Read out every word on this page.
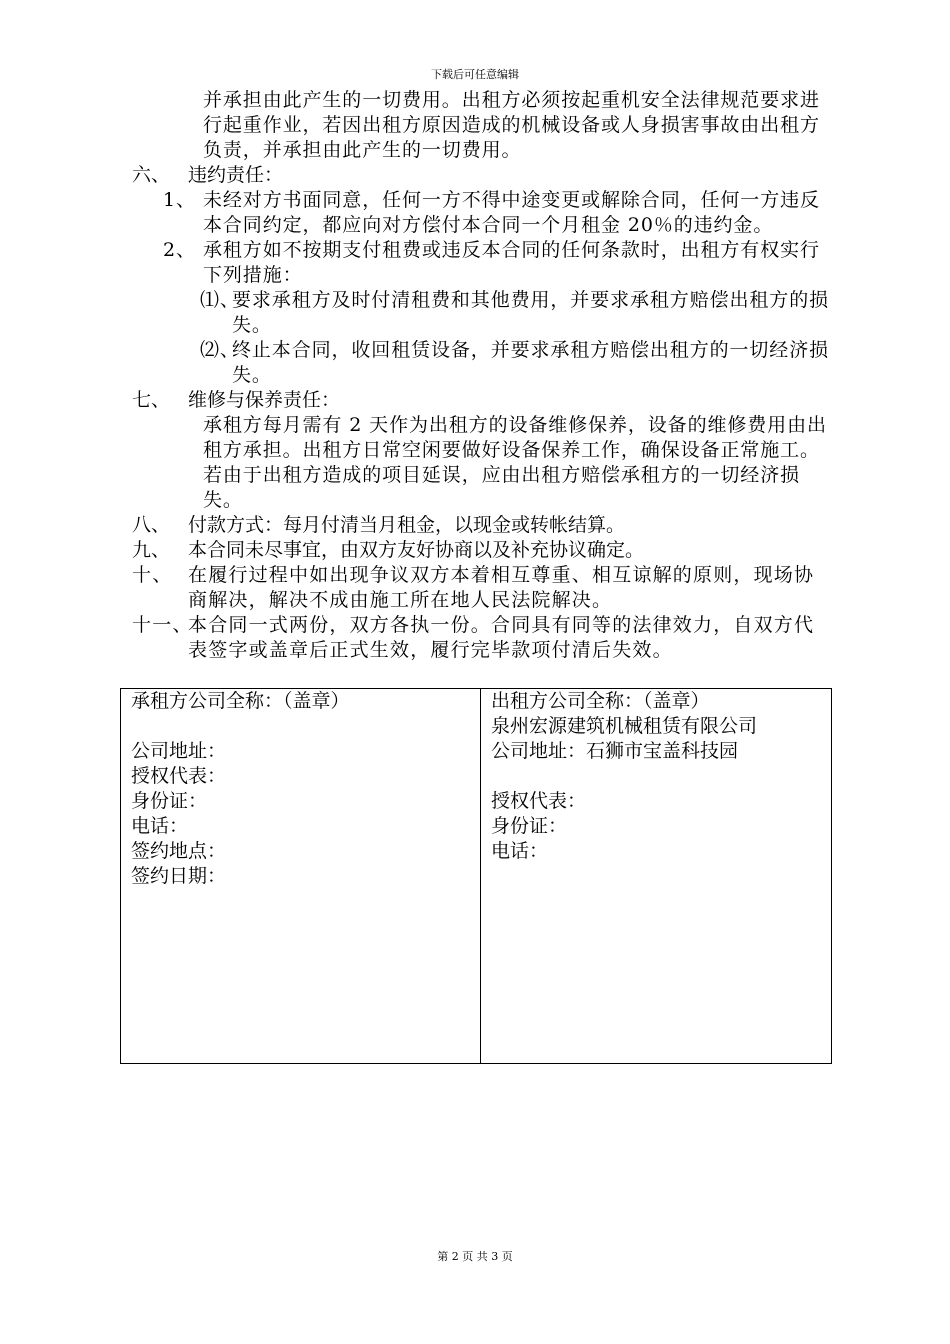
下载后可任意编辑
并承担由此产生的一切费用。出租方必须按起重机安全法律规范要求进行起重作业，若因出租方原因造成的机械设备或人身损害事故由出租方负责，并承担由此产生的一切费用。
六、 违约责任：
1、 未经对方书面同意，任何一方不得中途变更或解除合同，任何一方违反本合同约定，都应向对方偿付本合同一个月租金 20％的违约金。
2、 承租方如不按期支付租费或违反本合同的任何条款时，出租方有权实行下列措施：
⑴、
要求承租方及时付清租费和其他费用，并要求承租方赔偿出租方的损失。
⑵、
终止本合同，收回租赁设备，并要求承租方赔偿出租方的一切经济损失。
七、 维修与保养责任：
承租方每月需有 2 天作为出租方的设备维修保养，设备的维修费用由出租方承担。出租方日常空闲要做好设备保养工作，确保设备正常施工。若由于出租方造成的项目延误，应由出租方赔偿承租方的一切经济损失。
八、 付款方式：每月付清当月租金，以现金或转帐结算。
九、 本合同未尽事宜，由双方友好协商以及补充协议确定。
十、 在履行过程中如出现争议双方本着相互尊重、相互谅解的原则，现场协商解决，解决不成由施工所在地人民法院解决。
十一、
本合同一式两份，双方各执一份。合同具有同等的法律效力，自双方代表签字或盖章后正式生效，履行完毕款项付清后失效。
承租方公司全称：（盖章）
公司地址：
授权代表：
身份证：
电话：
签约地点：
签约日期：
出租方公司全称：（盖章）
泉州宏源建筑机械租赁有限公司
公司地址：石狮市宝盖科技园
授权代表：
身份证：
电话：
第 2 页 共 3 页
